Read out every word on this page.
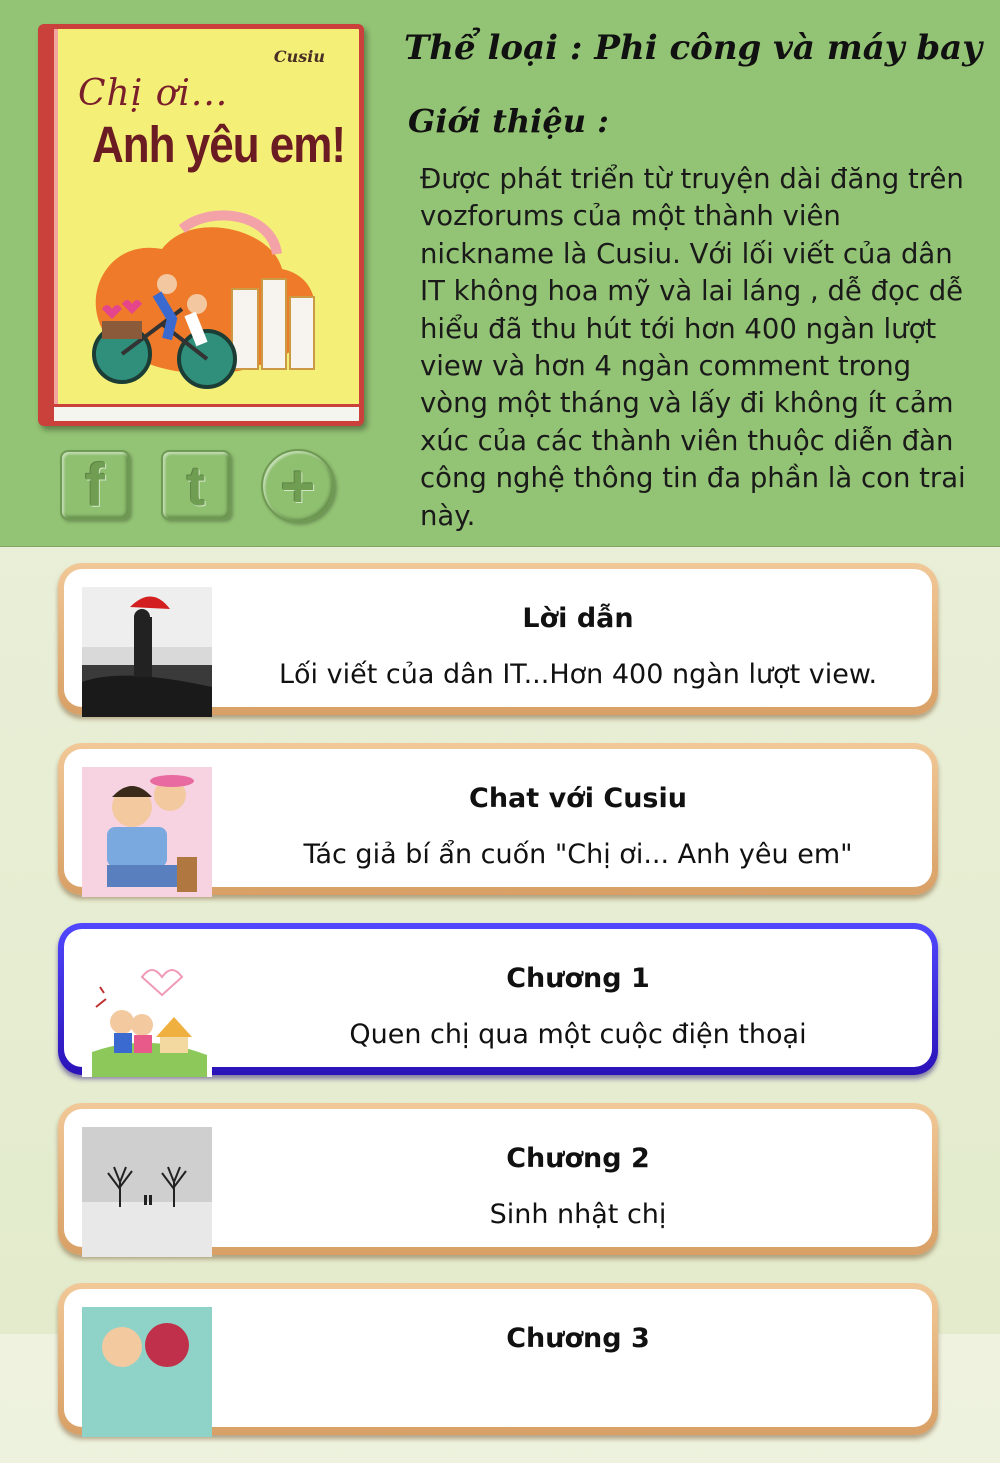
Cusiu
Chị ơi...
Anh yêu em!
f	t	+
Thể loại : Phi công và máy bay
Giới thiệu :
Được phát triển từ truyện dài đăng trên vozforums của một thành viên nickname là Cusiu. Với lối viết của dân IT không hoa mỹ và lai láng , dễ đọc dễ hiểu đã thu hút tới hơn 400 ngàn lượt view và hơn 4 ngàn comment trong vòng một tháng và lấy đi không ít cảm xúc của các thành viên thuộc diễn đàn công nghệ thông tin đa phần là con trai này.
Lời dẫn
Lối viết của dân IT...Hơn 400 ngàn lượt view.
Chat với Cusiu
Tác giả bí ẩn cuốn "Chị ơi... Anh yêu em"
Chương 1
Quen chị qua một cuộc điện thoại
Chương 2
Sinh nhật chị
Chương 3
